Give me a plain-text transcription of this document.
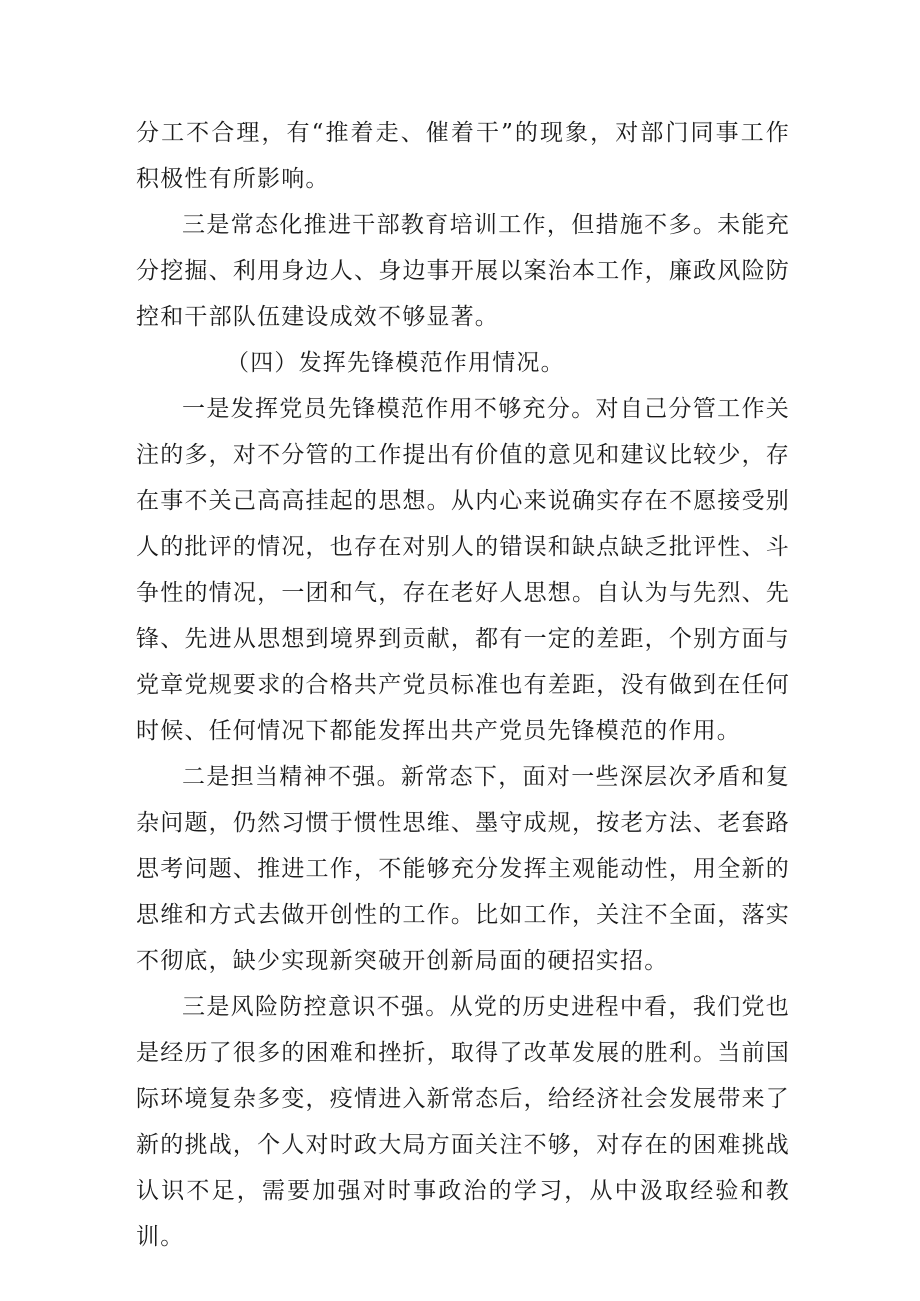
分工不合理，有“推着走、催着干”的现象，对部门同事工作积极性有所影响。

三是常态化推进干部教育培训工作，但措施不多。未能充分挖掘、利用身边人、身边事开展以案治本工作，廉政风险防控和干部队伍建设成效不够显著。

（四）发挥先锋模范作用情况。

一是发挥党员先锋模范作用不够充分。对自己分管工作关注的多，对不分管的工作提出有价值的意见和建议比较少，存在事不关己高高挂起的思想。从内心来说确实存在不愿接受别人的批评的情况，也存在对别人的错误和缺点缺乏批评性、斗争性的情况，一团和气，存在老好人思想。自认为与先烈、先锋、先进从思想到境界到贡献，都有一定的差距，个别方面与党章党规要求的合格共产党员标准也有差距，没有做到在任何时候、任何情况下都能发挥出共产党员先锋模范的作用。

二是担当精神不强。新常态下，面对一些深层次矛盾和复杂问题，仍然习惯于惯性思维、墨守成规，按老方法、老套路思考问题、推进工作，不能够充分发挥主观能动性，用全新的思维和方式去做开创性的工作。比如工作，关注不全面，落实不彻底，缺少实现新突破开创新局面的硬招实招。

三是风险防控意识不强。从党的历史进程中看，我们党也是经历了很多的困难和挫折，取得了改革发展的胜利。当前国际环境复杂多变，疫情进入新常态后，给经济社会发展带来了新的挑战，个人对时政大局方面关注不够，对存在的困难挑战认识不足，需要加强对时事政治的学习，从中汲取经验和教训。
